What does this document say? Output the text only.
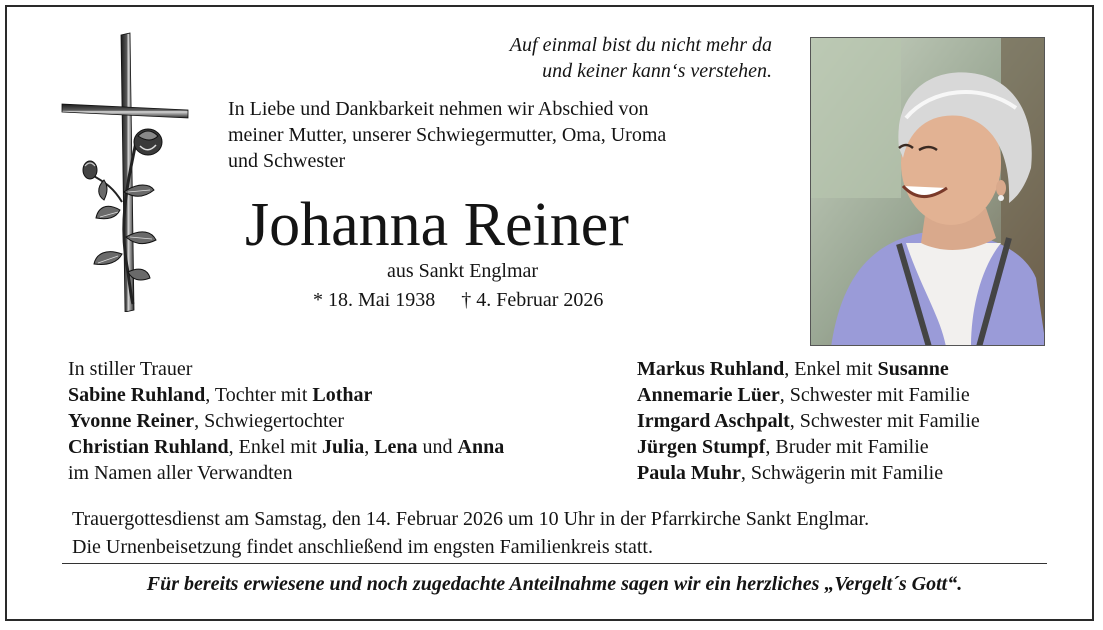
Auf einmal bist du nicht mehr da
und keiner kann‘s verstehen.
In Liebe und Dankbarkeit nehmen wir Abschied von
meiner Mutter, unserer Schwiegermutter, Oma, Uroma
und Schwester
Johanna Reiner
aus Sankt Englmar
* 18. Mai 1938 † 4. Februar 2026
In stiller Trauer
Sabine Ruhland, Tochter mit Lothar
Yvonne Reiner, Schwiegertochter
Christian Ruhland, Enkel mit Julia, Lena und Anna
im Namen aller Verwandten
Markus Ruhland, Enkel mit Susanne
Annemarie Lüer, Schwester mit Familie
Irmgard Aschpalt, Schwester mit Familie
Jürgen Stumpf, Bruder mit Familie
Paula Muhr, Schwägerin mit Familie
Trauergottesdienst am Samstag, den 14. Februar 2026 um 10 Uhr in der Pfarrkirche Sankt Englmar.
Die Urnenbeisetzung findet anschließend im engsten Familienkreis statt.
Für bereits erwiesene und noch zugedachte Anteilnahme sagen wir ein herzliches „Vergelt´s Gott“.
